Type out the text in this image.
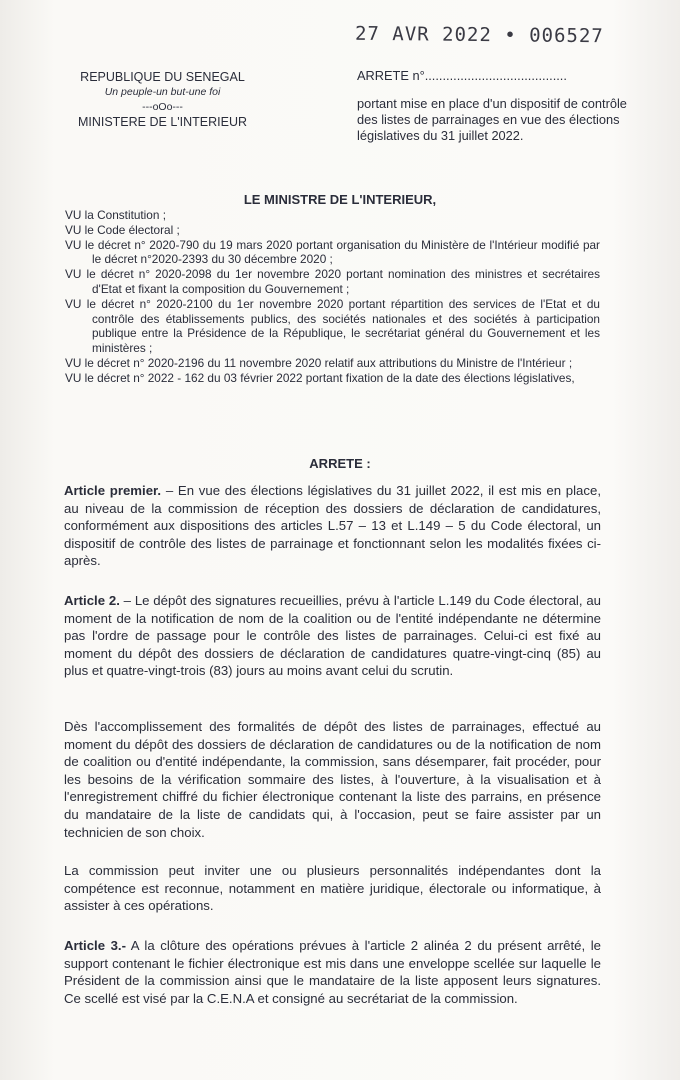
27 AVR 2022 • 006527
REPUBLIQUE DU SENEGAL
Un peuple-un but-une foi
---oOo---
MINISTERE DE L'INTERIEUR
ARRETE n°........................................
portant mise en place d'un dispositif de contrôle des listes de parrainages en vue des élections législatives du 31 juillet 2022.
LE MINISTRE DE L'INTERIEUR,
VU la Constitution ;
VU le Code électoral ;
VU le décret n° 2020-790 du 19 mars 2020 portant organisation du Ministère de l'Intérieur modifié par le décret n°2020-2393 du 30 décembre 2020 ;
VU le décret n° 2020-2098 du 1er novembre 2020 portant nomination des ministres et secrétaires d'Etat et fixant la composition du Gouvernement ;
VU le décret n° 2020-2100 du 1er novembre 2020 portant répartition des services de l'Etat et du contrôle des établissements publics, des sociétés nationales et des sociétés à participation publique entre la Présidence de la République, le secrétariat général du Gouvernement et les ministères ;
VU le décret n° 2020-2196 du 11 novembre 2020 relatif aux attributions du Ministre de l'Intérieur ;
VU le décret n° 2022 - 162 du 03 février 2022 portant fixation de la date des élections législatives,
ARRETE :
Article premier. – En vue des élections législatives du 31 juillet 2022, il est mis en place, au niveau de la commission de réception des dossiers de déclaration de candidatures, conformément aux dispositions des articles L.57 – 13 et L.149 – 5 du Code électoral, un dispositif de contrôle des listes de parrainage et fonctionnant selon les modalités fixées ci-après.
Article 2. – Le dépôt des signatures recueillies, prévu à l'article L.149 du Code électoral, au moment de la notification de nom de la coalition ou de l'entité indépendante ne détermine pas l'ordre de passage pour le contrôle des listes de parrainages. Celui-ci est fixé au moment du dépôt des dossiers de déclaration de candidatures quatre-vingt-cinq (85) au plus et quatre-vingt-trois (83) jours au moins avant celui du scrutin.
Dès l'accomplissement des formalités de dépôt des listes de parrainages, effectué au moment du dépôt des dossiers de déclaration de candidatures ou de la notification de nom de coalition ou d'entité indépendante, la commission, sans désemparer, fait procéder, pour les besoins de la vérification sommaire des listes, à l'ouverture, à la visualisation et à l'enregistrement chiffré du fichier électronique contenant la liste des parrains, en présence du mandataire de la liste de candidats qui, à l'occasion, peut se faire assister par un technicien de son choix.
La commission peut inviter une ou plusieurs personnalités indépendantes dont la compétence est reconnue, notamment en matière juridique, électorale ou informatique, à assister à ces opérations.
Article 3.- A la clôture des opérations prévues à l'article 2 alinéa 2 du présent arrêté, le support contenant le fichier électronique est mis dans une enveloppe scellée sur laquelle le Président de la commission ainsi que le mandataire de la liste apposent leurs signatures. Ce scellé est visé par la C.E.N.A et consigné au secrétariat de la commission.
